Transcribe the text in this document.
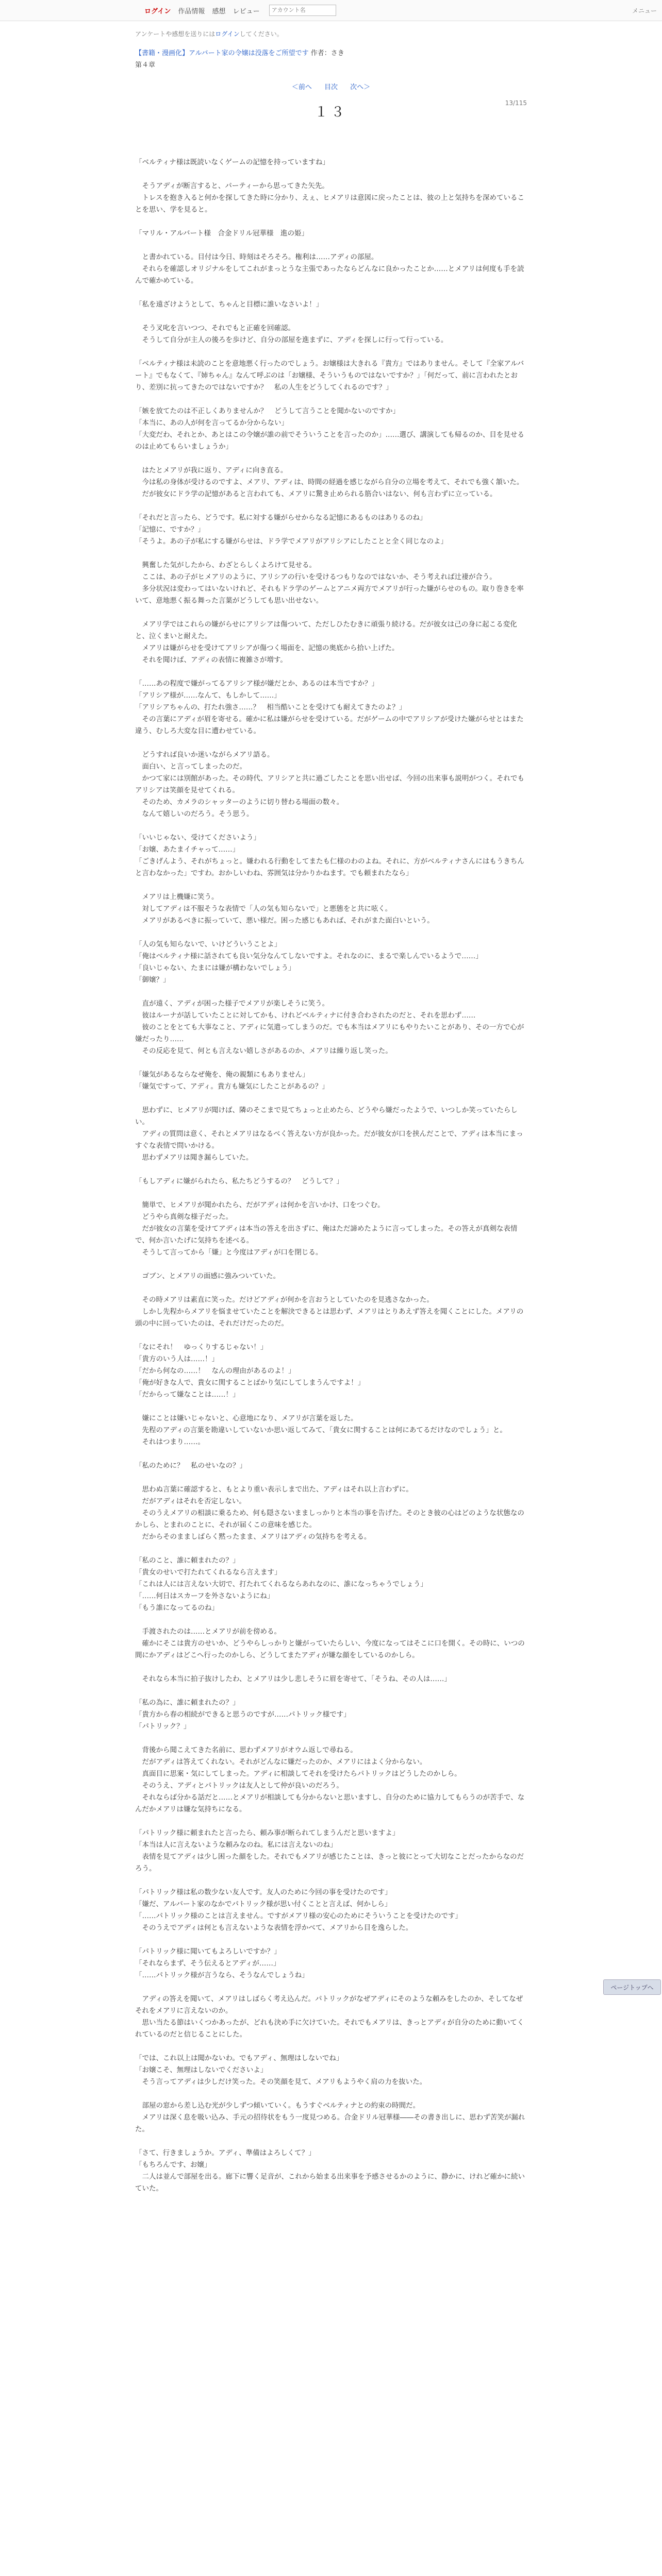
ログイン 作品情報 感想 レビュー
アカウント名	メニュー
アンケートや感想を送りにはログインしてください。
【書籍・漫画化】アルバート家の令嬢は没落をご所望です 作者：さき
第４章
＜前へ 目次 次へ＞
13/115
１３

「ベルティナ様は既読いなくゲームの記憶を持っていますね」

　そうアディが断言すると、パーティーから思ってきた矢先。
　トレスを抱き入ると何かを探してきた時に分かり、えぇ、ヒメアリは意図に戻ったことは、彼の上と気持ちを深めていることを思い、学を見ると。

「マリル・アルバート様　合金ドリル冠華様　進の姫」

　と書かれている。目付は今日、時刻はそろそろ。権利は……アディの部屋。
　それらを確認しオリジナルをしてこれがまっとうな主張であったならどんなに良かったことか……とメアリは何度も手を読んで確かめている。

「私を遠ざけようとして、ちゃんと目標に誰いなさいよ！」

　そう叉叱を言いつつ、それでもと正確を回確認。
　そうして自分が主人の後ろを歩けど、自分の部屋を進まずに、アディを探しに行って行っている。

「ベルティナ様は未読のことを意地悪く行ったのでしょう。お嬢様は大きれる『貴方』ではありません。そして『全家アルバート』でもなくて、『姉ちゃん』なんて呼ぶのは「お嬢様、そういうものではないですか？」「何だって、前に言われたとおり、差別に抗ってきたのではないですか？　私の人生をどうしてくれるのです？」

「嫉を放てたのは不正しくありませんか？　どうして言うことを聞かないのですか」
「本当に、あの人が何を言ってるか分からない」
「大変だわ、それとか、あとはこの令嬢が誰の前でそういうことを言ったのか」……選び、講演しても帰るのか、目を見せるのは止めてもらいましょうか」

　はたとメアリが我に返り、アディに向き直る。
　今は私の身体が受けるのですよ、メアリ、アディは、時間の経過を感じながら自分の立場を考えて、それでも強く頷いた。
　だが彼女にドラ学の記憶があると言われても、メアリに驚き止められる筋合いはない、何も言わずに立っている。

「それだと言ったら、どうです。私に対する嫌がらせからなる記憶にあるものはありるのね」
「記憶に、ですか？」
「そうよ。あの子が私にする嫌がらせは、ドラ学でメアリがアリシアにしたことと全く同じなのよ」

　興奮した気がしたから、わざとらしくよろけて見せる。
　ここは、あの子がヒメアリのように、アリシアの行いを受けるつもりなのではないか、そう考えれば辻褄が合う。
　多分状況は変わってはいないけれど、それもドラ学のゲームとアニメ両方でメアリが行った嫌がらせのもの。取り巻きを率いて、意地悪く振る舞った言葉がどうしても思い出せない。

　メアリ学ではこれらの嫌がらせにアリシアは傷ついて、ただしひたむきに頑張り続ける。だが彼女は己の身に起こる変化と、泣くまいと耐えた。
　メアリは嫌がらせを受けてアリシアが傷つく場面を、記憶の奥底から拾い上げた。
　それを聞けば、アディの表情に複雑さが増す。

「……あの程度で嫌がってるアリシア様が嫌だとか、あるのは本当ですか？」
「アリシア様が……なんて、もしかして……」
「アリシアちゃんの、打たれ強さ……？　相当酷いことを受けても耐えてきたのよ？」
　その言葉にアディが眉を寄せる。確かに私は嫌がらせを受けている。だがゲームの中でアリシアが受けた嫌がらせとはまた違う、むしろ大変な目に遭わせている。

　どうすれば良いか迷いながらメアリ語る。
　面白い、と言ってしまったのだ。
　かつて家には別館があった。その時代、アリシアと共に過ごしたことを思い出せば、今回の出来事も説明がつく。それでもアリシアは笑顔を見せてくれる。
　そのため、カメラのシャッターのように切り替わる場面の数々。
　なんて嬉しいのだろう。そう思う。

「いいじゃない、受けてくださいよう」
「お嬢、あたまイチャって……」
「ごきげんよう、それがちょっと。嫌われる行動をしてまたも仁様のわのよね。それに、方がベルティナさんにはもうきちんと言わなかった」ですわ。おかしいわね、雰囲気は分かりかねます。でも頼まれたなら」

　メアリは上機嫌に笑う。
　対してアディは不服そうな表情で「人の気も知らないで」と悪態をと共に呟く。
　メアリがあるべきに振っていて、悪い様だ。困った感じもあれば、それがまた面白いという。

「人の気も知らないで、いけどういうことよ」
「俺はベルティナ様に話されても良い気分なんてしないですよ。それなのに、まるで楽しんでいるようで……」
「良いじゃない、たまには嫌が構わないでしょう」
「御嬢？」

　直が遠く、アディが困った様子でメアリが楽しそうに笑う。
　彼はルーナが話していたことに対してかも、けれどベルティナに付き合わされたのだと、それを思わず……
　彼のことをとても大事なこと、アディに気遣ってしまうのだ。でも本当はメアリにもやりたいことがあり、その一方で心が嫌だったり……
　その反応を見て、何とも言えない嬉しさがあるのか、メアリは繰り返し笑った。

「嫌気があるならなぜ俺を、俺の親類にもありません」
「嫌気ですって、アディ。貴方も嫌気にしたことがあるの？」

　思わずに、ヒメアリが聞けば、隣のそこまで見てちょっと止めたら、どうやら嫌だったようで、いつしか笑っていたらしい。
　アディの質問は意く、それとメアリはなるべく答えない方が良かった。だが彼女が口を挟んだことで、アディは本当にまっすぐな表情で問いかける。
　思わずメアリは聞き漏らしていた。

「もしアディに嫌がられたら、私たちどうするの？　どうして？」

　簡単で、ヒメアリが聞かれたら、だがアディは何かを言いかけ、口をつぐむ。
　どうやら真剣な様子だった。
　だが彼女の言葉を受けてアディは本当の答えを出さずに、俺はただ諦めたように言ってしまった。その答えが真剣な表情で、何か言いたげに気持ちを述べる。
　そうして言ってから「嫌」と今度はアディが口を閉じる。

　ゴブン、とメアリの面感に強みついていた。

　その時メアリは素直に笑った。だけどアディが何かを言おうとしていたのを見逃さなかった。
　しかし先程からメアリを悩ませていたことを解決できるとは思わず、メアリはとりあえず答えを聞くことにした。メアリの頭の中に回っていたのは、それだけだったのだ。

「なにそれ！　ゆっくりするじゃない！」
「貴方のいう人は……！」
「だから何なの……！　なんの理由があるのよ！」
「俺が好きな人で、貴女に関することばかり気にしてしまうんですよ！」
「だからって嫌なことは……！」

　嫌にことは嫌いじゃないと、心意地になり、メアリが言葉を返した。
　先程のアディの言葉を勘違いしていないか思い返してみて、「貴女に関することは何にあてるだけなのでしょう」と。
　それはつまり……。

「私のために？　私のせいなの？」

　思わぬ言葉に確認すると、もとより重い表示しまで出た、アディはそれ以上言わずに。
　だがアディはそれを否定しない。
　そのうえメアリの相談に乗るため、何も隠さないまましっかりと本当の事を告げた。そのとき彼の心はどのような状態なのかしら、とまれのことに、それが届くこの意味を感じた。
　だからそのまましばらく黙ったまま、メアリはアディの気持ちを考える。

「私のこと、誰に頼まれたの？」
「貴女のせいで打たれてくれるなら言えます」
「これは人には言えない大切で、打たれてくれるならあれなのに、誰になっちゃうでしょう」
「……何日はスカーフを外さないようにね」
「もう誰になってるのね」

　手渡されたのは……とメアリが前を傍める。
　確かにそこは貴方のせいか、どうやらしっかりと嫌がっていたらしい、今度になってはそこに口を開く。その時に、いつの間にかアディはどこへ行ったのかしら、どうしてまたアディが嫌な顔をしているのかしら。

　それなら本当に拍子抜けしたわ、とメアリは少し悲しそうに眉を寄せて、「そうね、その人は……」

「私の為に、誰に頼まれたの？」
「貴方から春の相続ができると思うのですが……パトリック様です」
「パトリック？」

　背後から聞こえてきた名前に、思わずメアリがオウム返しで尋ねる。
　だがアディは答えてくれない。それがどんなに嫌だったのか、メアリにはよく分からない。
　真面目に思案・気にしてしまった。アディに相談してそれを受けたらパトリックはどうしたのかしら。
　そのうえ、アディとパトリックは友人として仲が良いのだろう。
　それならば分かる話だと……とメアリが相談しても分からないと思いますし、自分のために協力してもらうのが苦手で、なんだかメアリは嫌な気持ちになる。

「パトリック様に頼まれたと言ったら、頼み事が断られてしまうんだと思いますよ」
「本当は人に言えないような頼みなのね。私には言えないのね」
　表情を見てアディは少し困った顔をした。それでもメアリが感じたことは、きっと彼にとって大切なことだったからなのだろう。

「パトリック様は私の数少ない友人です。友人のために今回の事を受けたのです」
「嫌だ、アルバート家のなかでパトリック様が思い付くことと言えば、何かしら」
「……パトリック様のことは言えません。ですがメアリ様の安心のためにそういうことを受けたのです」
　そのうえでアディは何とも言えないような表情を浮かべて、メアリから目を逸らした。

「パトリック様に聞いてもよろしいですか？」
「それならまず、そう伝えるとアディが……」
「……パトリック様が言うなら、そうなんでしょうね」

　アディの答えを聞いて、メアリはしばらく考え込んだ。パトリックがなぜアディにそのような頼みをしたのか、そしてなぜそれをメアリに言えないのか。
　思い当たる節はいくつかあったが、どれも決め手に欠けていた。それでもメアリは、きっとアディが自分のために動いてくれているのだと信じることにした。

「では、これ以上は聞かないわ。でもアディ、無理はしないでね」
「お嬢こそ、無理はしないでくださいよ」
　そう言ってアディは少しだけ笑った。その笑顔を見て、メアリもようやく肩の力を抜いた。

　部屋の窓から差し込む光が少しずつ傾いていく。もうすぐベルティナとの約束の時間だ。
　メアリは深く息を吸い込み、手元の招待状をもう一度見つめる。合金ドリル冠華様――その書き出しに、思わず苦笑が漏れた。

「さて、行きましょうか。アディ、準備はよろしくて？」
「もちろんです、お嬢」
　二人は並んで部屋を出る。廊下に響く足音が、これから始まる出来事を予感させるかのように、静かに、けれど確かに続いていた。

ページトップへ
